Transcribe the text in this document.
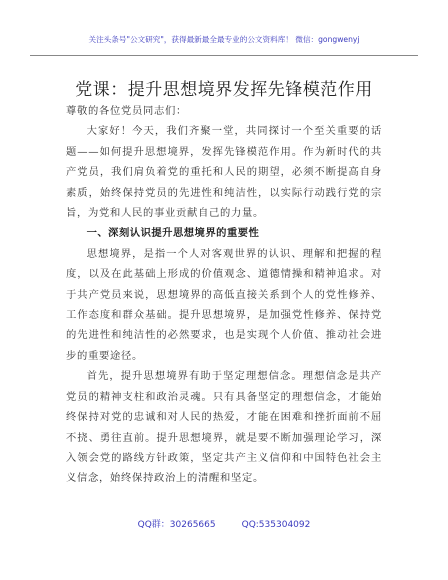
关注头条号"公文研究"，获得最新最全最专业的公文资料库！ 微信：gongwenyj
党课：提升思想境界发挥先锋模范作用

尊敬的各位党员同志们：

大家好！今天，我们齐聚一堂，共同探讨一个至关重要的话题——如何提升思想境界，发挥先锋模范作用。作为新时代的共产党员，我们肩负着党的重托和人民的期望，必须不断提高自身素质，始终保持党员的先进性和纯洁性，以实际行动践行党的宗旨，为党和人民的事业贡献自己的力量。

一、深刻认识提升思想境界的重要性

思想境界，是指一个人对客观世界的认识、理解和把握的程度，以及在此基础上形成的价值观念、道德情操和精神追求。对于共产党员来说，思想境界的高低直接关系到个人的党性修养、工作态度和群众基础。提升思想境界，是加强党性修养、保持党的先进性和纯洁性的必然要求，也是实现个人价值、推动社会进步的重要途径。

首先，提升思想境界有助于坚定理想信念。理想信念是共产党员的精神支柱和政治灵魂。只有具备坚定的理想信念，才能始终保持对党的忠诚和对人民的热爱，才能在困难和挫折面前不屈不挠、勇往直前。提升思想境界，就是要不断加强理论学习，深入领会党的路线方针政策，坚定共产主义信仰和中国特色社会主义信念，始终保持政治上的清醒和坚定。

QQ群：30265665	QQ:535304092
